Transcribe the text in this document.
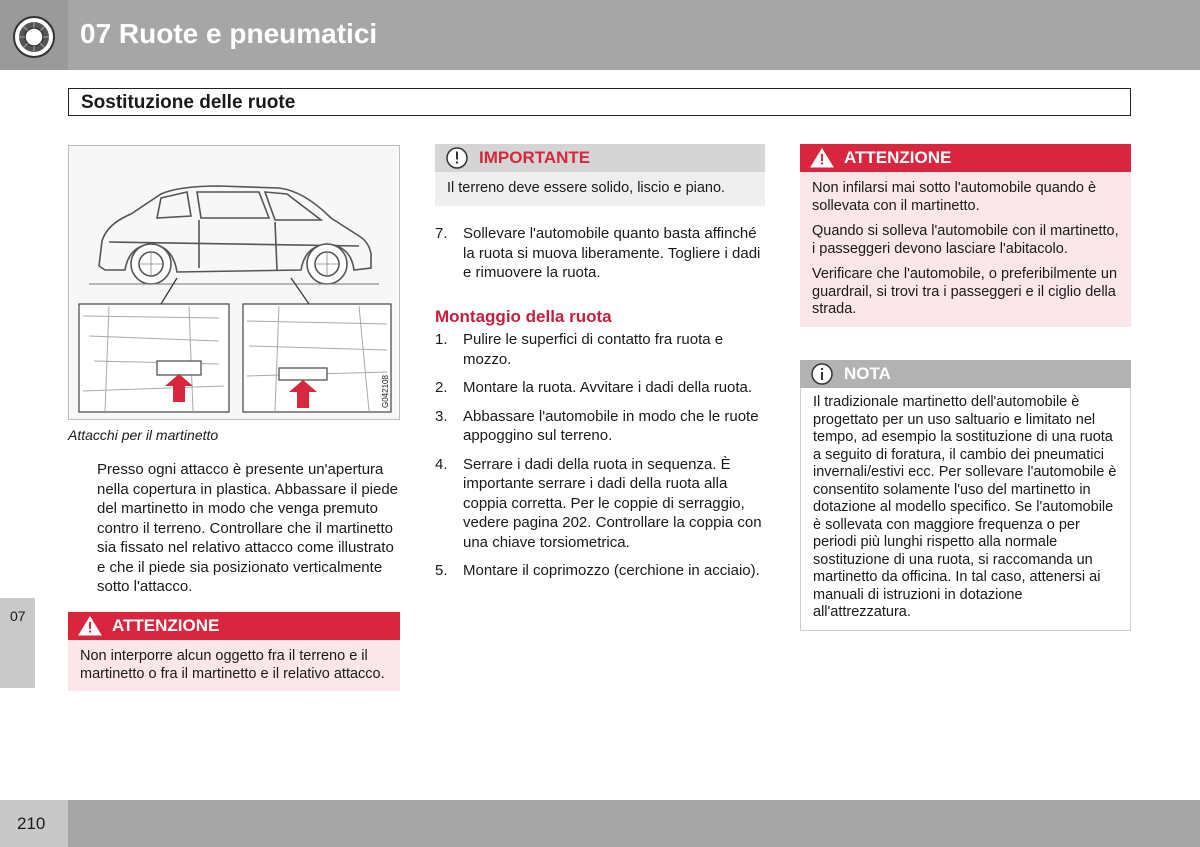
07 Ruote e pneumatici
Sostituzione delle ruote
G042108
Attacchi per il martinetto
Presso ogni attacco è presente un'apertura nella copertura in plastica. Abbassare il piede del martinetto in modo che venga premuto contro il terreno. Controllare che il martinetto sia fissato nel relativo attacco come illustrato e che il piede sia posizionato verticalmente sotto l'attacco.
ATTENZIONE
Non interporre alcun oggetto fra il terreno e il martinetto o fra il martinetto e il relativo attacco.
IMPORTANTE
Il terreno deve essere solido, liscio e piano.
7.	Sollevare l'automobile quanto basta affinché la ruota si muova liberamente. Togliere i dadi e rimuovere la ruota.
Montaggio della ruota
1.	Pulire le superfici di contatto fra ruota e mozzo.
2.	Montare la ruota. Avvitare i dadi della ruota.
3.	Abbassare l'automobile in modo che le ruote appoggino sul terreno.
4.	Serrare i dadi della ruota in sequenza. È importante serrare i dadi della ruota alla coppia corretta. Per le coppie di serraggio, vedere pagina 202. Controllare la coppia con una chiave torsiometrica.
5.	Montare il coprimozzo (cerchione in acciaio).
ATTENZIONE

Non infilarsi mai sotto l'automobile quando è sollevata con il martinetto.

Quando si solleva l'automobile con il martinetto, i passeggeri devono lasciare l'abitacolo.

Verificare che l'automobile, o preferibilmente un guardrail, si trovi tra i passeggeri e il ciglio della strada.

NOTA
Il tradizionale martinetto dell'automobile è progettato per un uso saltuario e limitato nel tempo, ad esempio la sostituzione di una ruota a seguito di foratura, il cambio dei pneumatici invernali/estivi ecc. Per sollevare l'automobile è consentito solamente l'uso del martinetto in dotazione al modello specifico. Se l'automobile è sollevata con maggiore frequenza o per periodi più lunghi rispetto alla normale sostituzione di una ruota, si raccomanda un martinetto da officina. In tal caso, attenersi ai manuali di istruzioni in dotazione all'attrezzatura.
07
210
